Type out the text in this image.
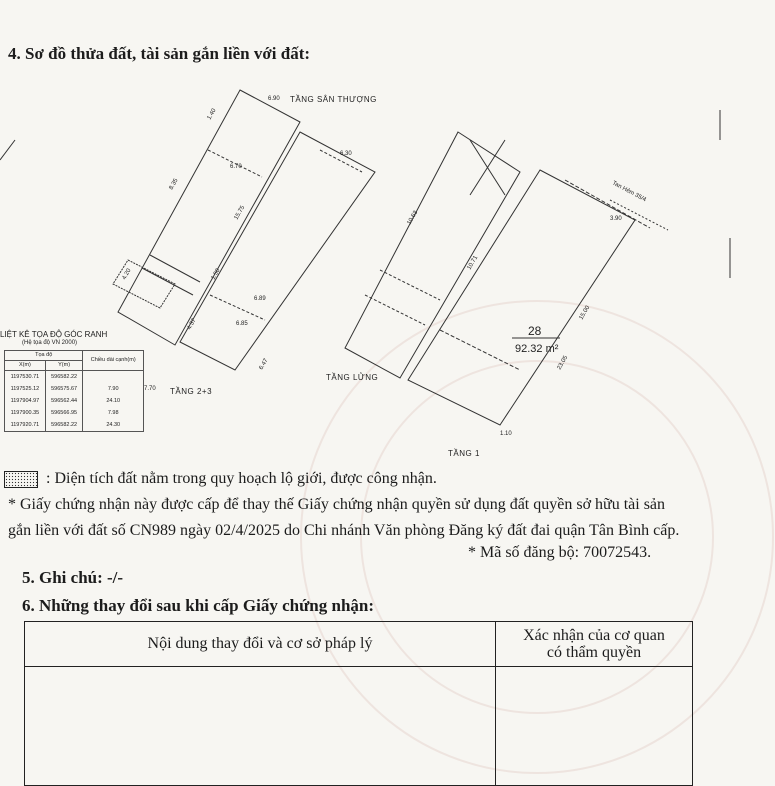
4. Sơ đồ thửa đất, tài sản gắn liền với đất:
TẦNG SÂN THƯỢNG
TẦNG 2+3
TẦNG LỬNG
TẦNG 1
Tan Hẻm 35/4
28
92.32 m²
6.90
1.40
8.35
6.70
15.75
4.20
4.37
6.30
6.89
1.50
6.85
6.47
10.63
10.71
15.00
23.05
3.90
1.10
7.70
LIỆT KÊ TỌA ĐỘ GÓC RANH
(Hệ tọa độ VN 2000)
Tọa độ		Chiều dài cạnh(m)
X(m)	Y(m)	
1197530.71	596582.22	
1197525.12	596575.67	7.90
1197904.97	596562.44	24.10
1197900.35	596566.95	7.98
1197920.71	596582.22	24.30
: Diện tích đất nằm trong quy hoạch lộ giới, được công nhận.
* Giấy chứng nhận này được cấp để thay thế Giấy chứng nhận quyền sử dụng đất quyền sở hữu tài sản
gắn liền với đất số CN989 ngày 02/4/2025 do Chi nhánh Văn phòng Đăng ký đất đai quận Tân Bình cấp.
* Mã số đăng bộ: 70072543.
5. Ghi chú: -/-
6. Những thay đổi sau khi cấp Giấy chứng nhận:
Nội dung thay đổi và cơ sở pháp lý	Xác nhận của cơ quan
có thẩm quyền
